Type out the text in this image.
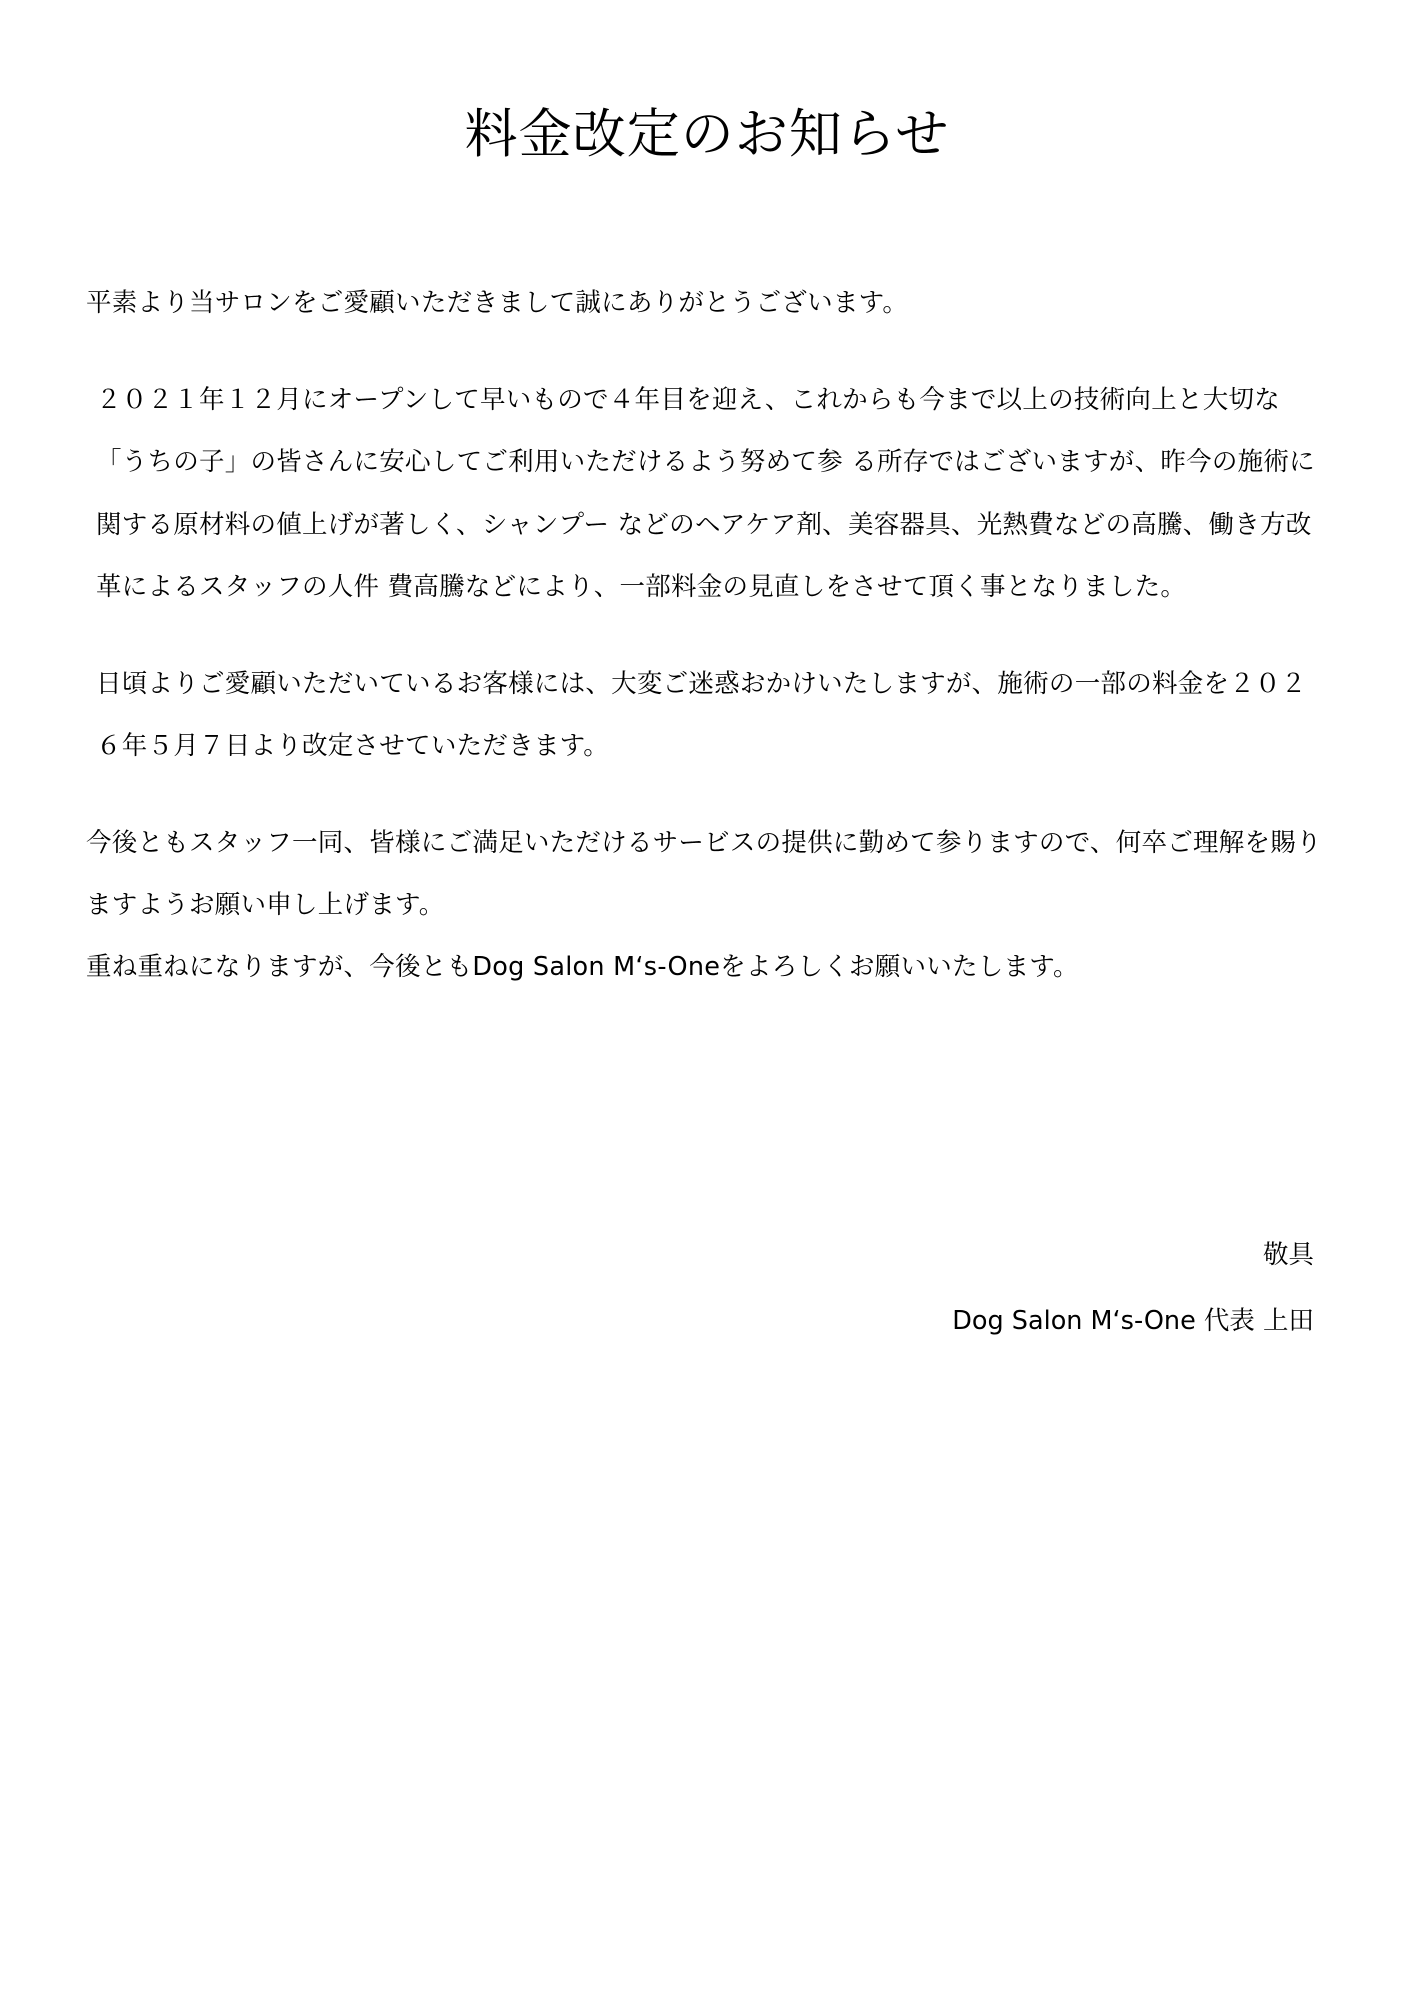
料金改定のお知らせ

平素より当サロンをご愛顧いただきまして誠にありがとうございます。

２０２１年１２月にオープンして早いもので４年目を迎え、これからも今まで以上の技術向上と大切な「うちの子」の皆さんに安心してご利用いただけるよう努めて参 る所存ではございますが、昨今の施術に関する原材料の値上げが著しく、シャンプー などのヘアケア剤、美容器具、光熱費などの高騰、働き方改革によるスタッフの人件 費高騰などにより、一部料金の見直しをさせて頂く事となりました。

日頃よりご愛顧いただいているお客様には、大変ご迷惑おかけいたしますが、施術の一部の料金を２０２６年５月７日より改定させていただきます。

今後ともスタッフ一同、皆様にご満足いただけるサービスの提供に勤めて参りますので、何卒ご理解を賜りますようお願い申し上げます。

重ね重ねになりますが、今後ともDog Salon M‘s-Oneをよろしくお願いいたします。

敬具
Dog Salon M‘s-One 代表 上田
